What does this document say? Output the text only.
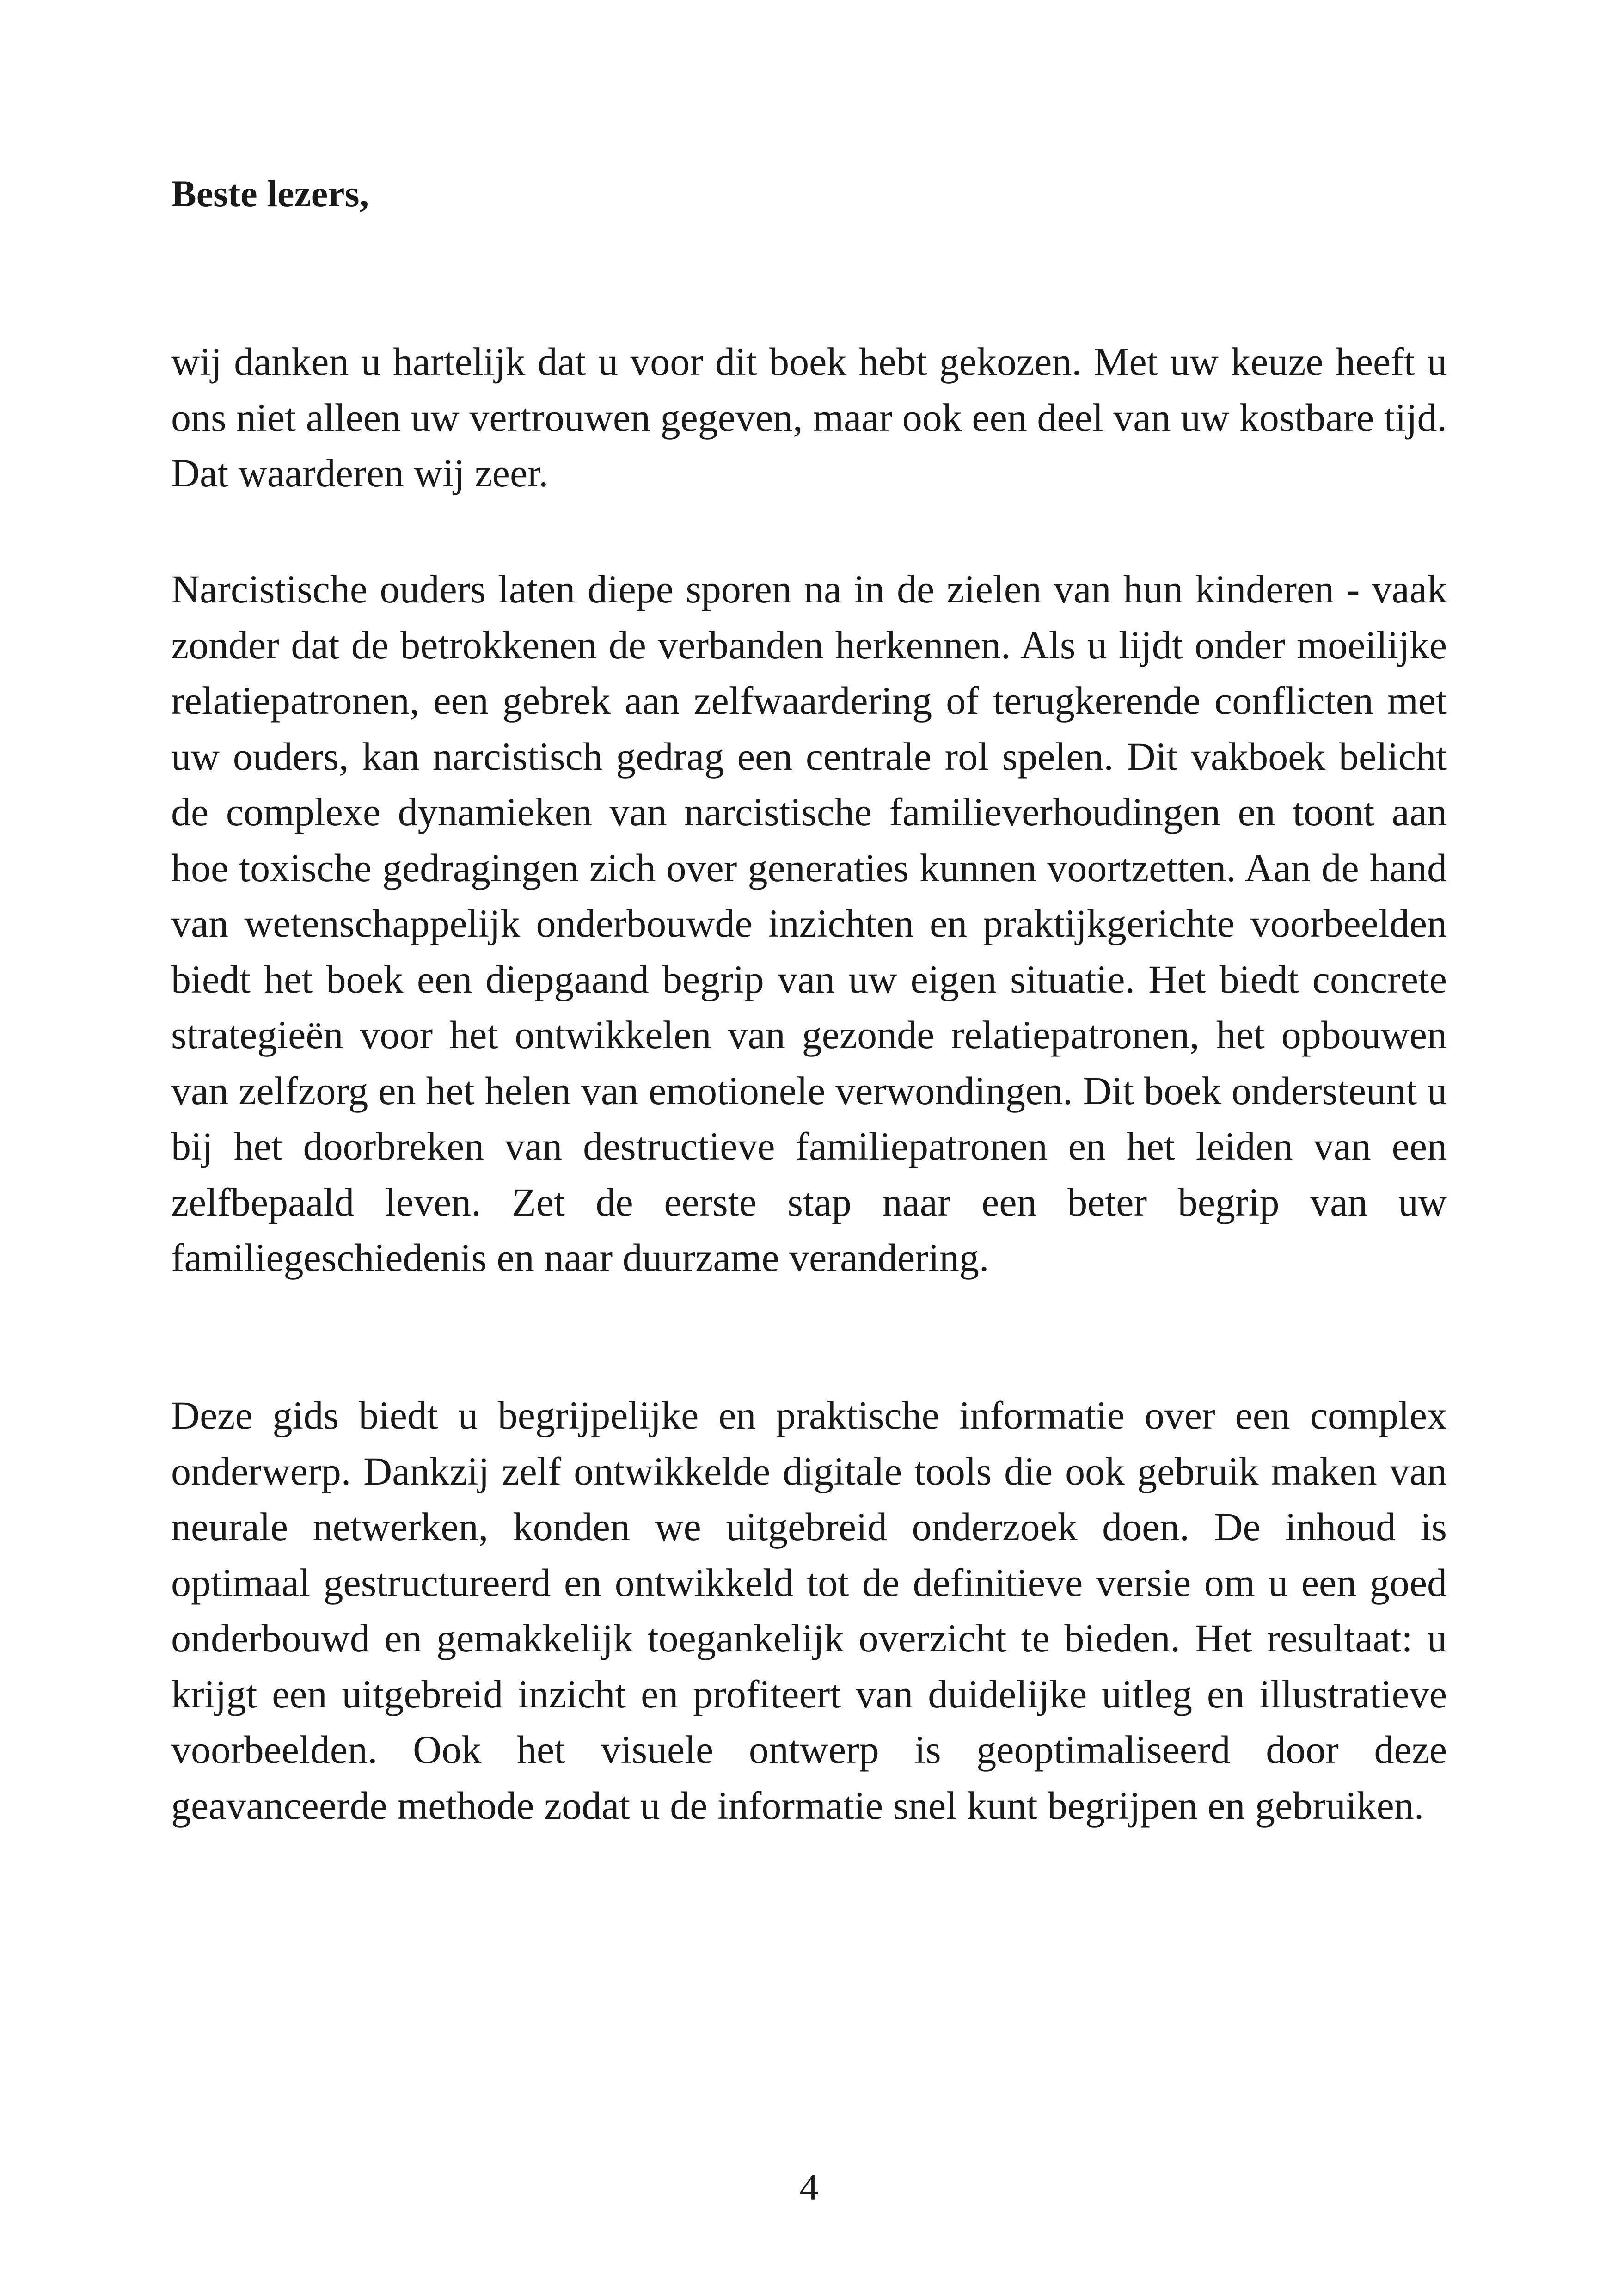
Beste lezers,

wij danken u hartelijk dat u voor dit boek hebt gekozen. Met uw keuze heeft u ons niet alleen uw vertrouwen gegeven, maar ook een deel van uw kostbare tijd. Dat waarderen wij zeer.

Narcistische ouders laten diepe sporen na in de zielen van hun kinderen - vaak zonder dat de betrokkenen de verbanden herkennen. Als u lijdt onder moeilijke relatiepatronen, een gebrek aan zelfwaardering of terugkerende conflicten met uw ouders, kan narcistisch gedrag een centrale rol spelen. Dit vakboek belicht de complexe dynamieken van narcistische familieverhoudingen en toont aan hoe toxische gedragingen zich over generaties kunnen voortzetten. Aan de hand van wetenschappelijk onderbouwde inzichten en praktijkgerichte voorbeelden biedt het boek een diepgaand begrip van uw eigen situatie. Het biedt concrete strategieën voor het ontwikkelen van gezonde relatiepatronen, het opbouwen van zelfzorg en het helen van emotionele verwondingen. Dit boek ondersteunt u bij het doorbreken van destructieve familiepatronen en het leiden van een zelfbepaald leven. Zet de eerste stap naar een beter begrip van uw familiegeschiedenis en naar duurzame verandering.

Deze gids biedt u begrijpelijke en praktische informatie over een complex onderwerp. Dankzij zelf ontwikkelde digitale tools die ook gebruik maken van neurale netwerken, konden we uitgebreid onderzoek doen. De inhoud is optimaal gestructureerd en ontwikkeld tot de definitieve versie om u een goed onderbouwd en gemakkelijk toegankelijk overzicht te bieden. Het resultaat: u krijgt een uitgebreid inzicht en profiteert van duidelijke uitleg en illustratieve voorbeelden. Ook het visuele ontwerp is geoptimaliseerd door deze geavanceerde methode zodat u de informatie snel kunt begrijpen en gebruiken.

4
